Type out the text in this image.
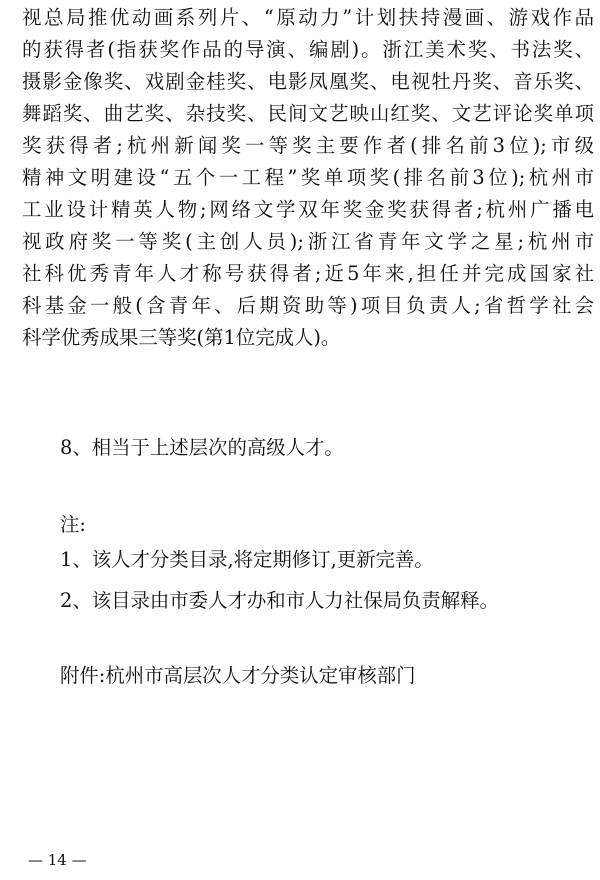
视总局推优动画系列片、“原动力”计划扶持漫画、游戏作品
的获得者(指获奖作品的导演、编剧)。浙江美术奖、书法奖、
摄影金像奖、戏剧金桂奖、电影凤凰奖、电视牡丹奖、音乐奖、
舞蹈奖、曲艺奖、杂技奖、民间文艺映山红奖、文艺评论奖单项
奖获得者;杭州新闻奖一等奖主要作者(排名前3位);市级
精神文明建设“五个一工程”奖单项奖(排名前3位);杭州市
工业设计精英人物;网络文学双年奖金奖获得者;杭州广播电
视政府奖一等奖(主创人员);浙江省青年文学之星;杭州市
社科优秀青年人才称号获得者;近5年来,担任并完成国家社
科基金一般(含青年、后期资助等)项目负责人;省哲学社会
科学优秀成果三等奖(第1位完成人)。
8、相当于上述层次的高级人才。
注:
1、该人才分类目录,将定期修订,更新完善。
2、该目录由市委人才办和市人力社保局负责解释。
附件:杭州市高层次人才分类认定审核部门
— 14 —
